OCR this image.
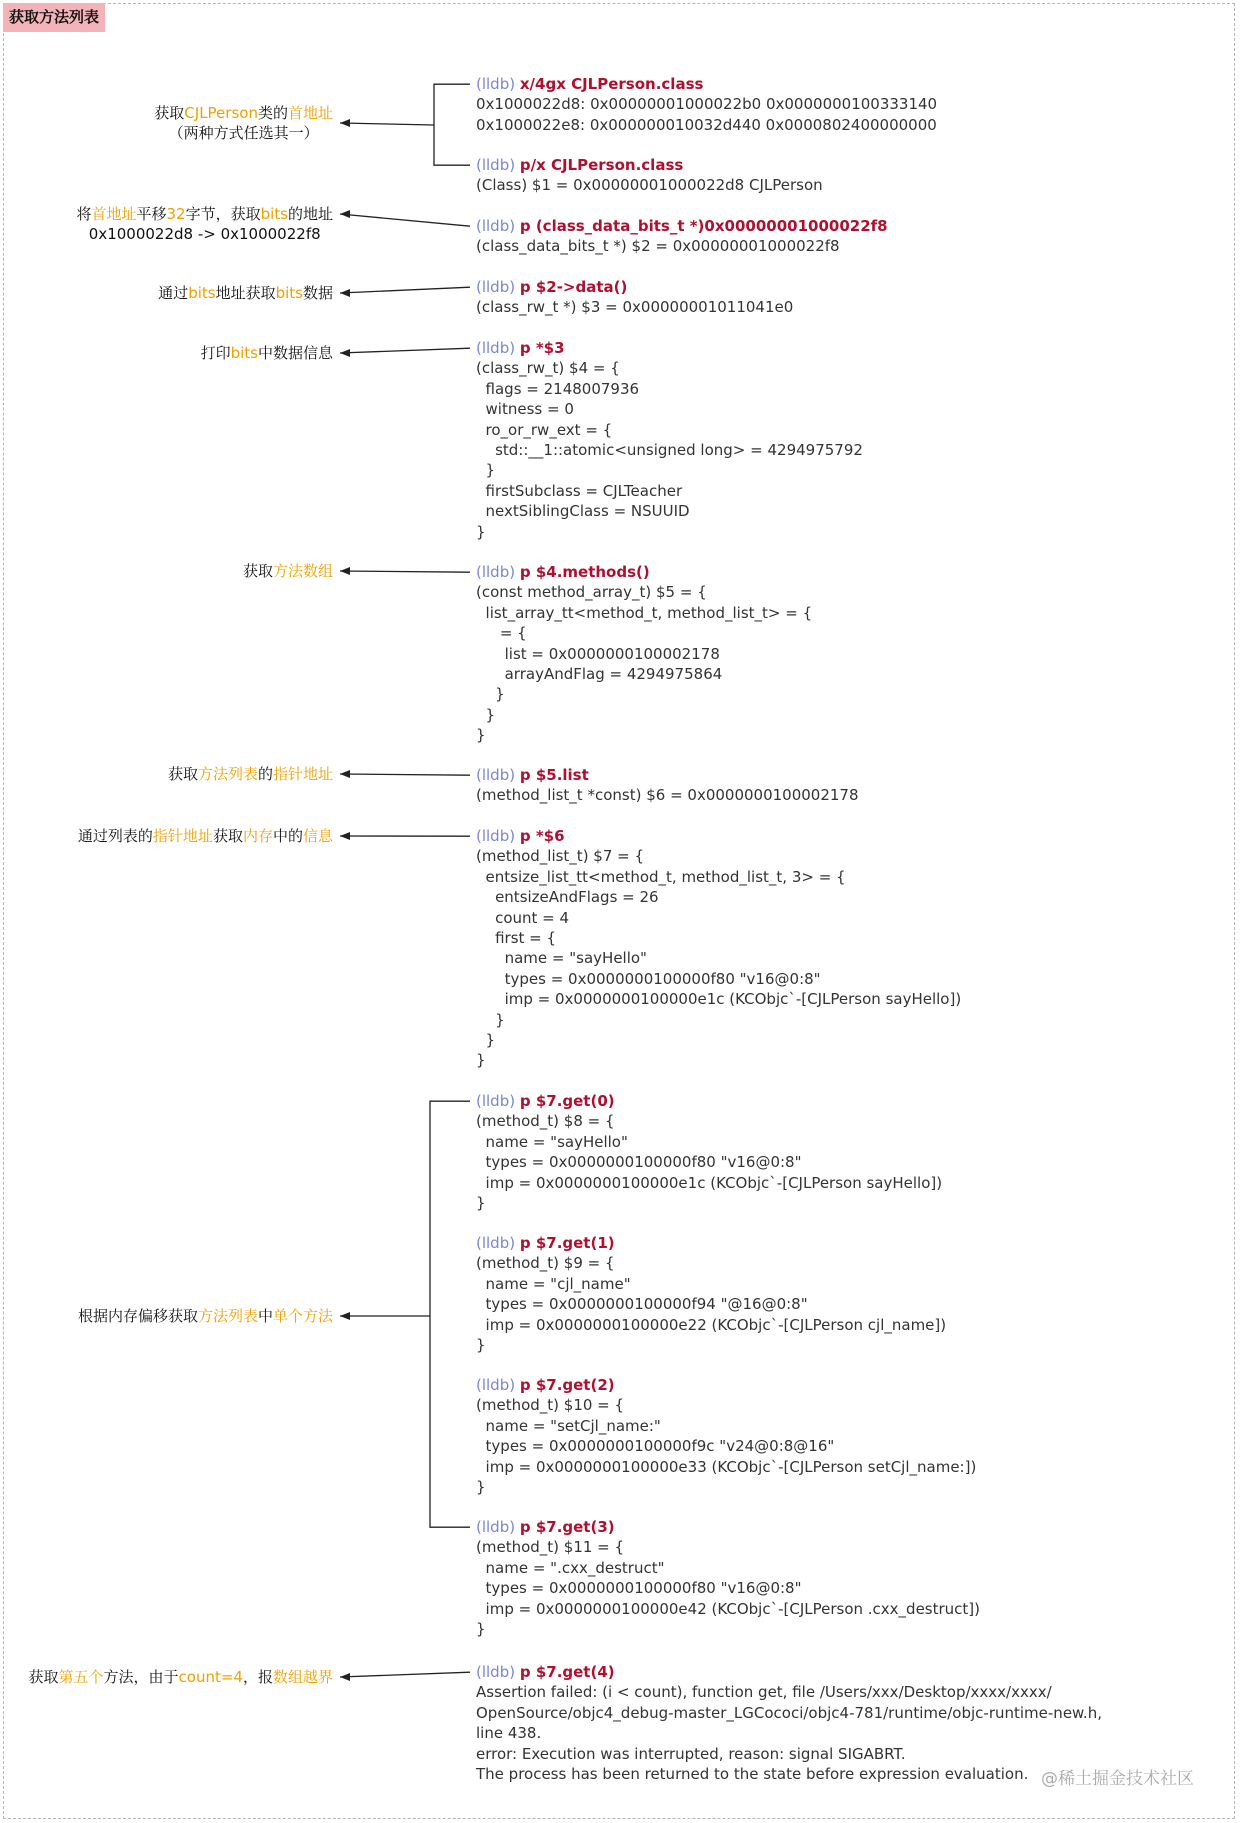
获取方法列表
(lldb) x/4gx CJLPerson.class
0x1000022d8: 0x00000001000022b0 0x0000000100333140
0x1000022e8: 0x000000010032d440 0x0000802400000000
(lldb) p/x CJLPerson.class
(Class) $1 = 0x00000001000022d8 CJLPerson
(lldb) p (class_data_bits_t *)0x00000001000022f8
(class_data_bits_t *) $2 = 0x00000001000022f8
(lldb) p $2->data()
(class_rw_t *) $3 = 0x00000001011041e0
(lldb) p *$3
(class_rw_t) $4 = {
flags = 2148007936
witness = 0
ro_or_rw_ext = {
std::__1::atomic<unsigned long> = 4294975792
}
firstSubclass = CJLTeacher
nextSiblingClass = NSUUID
}
(lldb) p $4.methods()
(const method_array_t) $5 = {
list_array_tt<method_t, method_list_t> = {
= {
list = 0x0000000100002178
arrayAndFlag = 4294975864
}
}
}
(lldb) p $5.list
(method_list_t *const) $6 = 0x0000000100002178
(lldb) p *$6
(method_list_t) $7 = {
entsize_list_tt<method_t, method_list_t, 3> = {
entsizeAndFlags = 26
count = 4
first = {
name = "sayHello"
types = 0x0000000100000f80 "v16@0:8"
imp = 0x0000000100000e1c (KCObjc`-[CJLPerson sayHello])
}
}
}
(lldb) p $7.get(0)
(method_t) $8 = {
name = "sayHello"
types = 0x0000000100000f80 "v16@0:8"
imp = 0x0000000100000e1c (KCObjc`-[CJLPerson sayHello])
}
(lldb) p $7.get(1)
(method_t) $9 = {
name = "cjl_name"
types = 0x0000000100000f94 "@16@0:8"
imp = 0x0000000100000e22 (KCObjc`-[CJLPerson cjl_name])
}
(lldb) p $7.get(2)
(method_t) $10 = {
name = "setCjl_name:"
types = 0x0000000100000f9c "v24@0:8@16"
imp = 0x0000000100000e33 (KCObjc`-[CJLPerson setCjl_name:])
}
(lldb) p $7.get(3)
(method_t) $11 = {
name = ".cxx_destruct"
types = 0x0000000100000f80 "v16@0:8"
imp = 0x0000000100000e42 (KCObjc`-[CJLPerson .cxx_destruct])
}
(lldb) p $7.get(4)
Assertion failed: (i < count), function get, file /Users/xxx/Desktop/xxxx/xxxx/
OpenSource/objc4_debug-master_LGCococi/objc4-781/runtime/objc-runtime-new.h,
line 438.
error: Execution was interrupted, reason: signal SIGABRT.
The process has been returned to the state before expression evaluation.
获取CJLPerson类的首地址
（两种方式任选其一）
将首地址平移32字节，获取bits的地址
0x1000022d8 -> 0x1000022f8
通过bits地址获取bits数据
打印bits中数据信息
获取方法数组
获取方法列表的指针地址
通过列表的指针地址获取内存中的信息
根据内存偏移获取方法列表中单个方法
获取第五个方法，由于count=4，报数组越界
@稀土掘金技术社区
